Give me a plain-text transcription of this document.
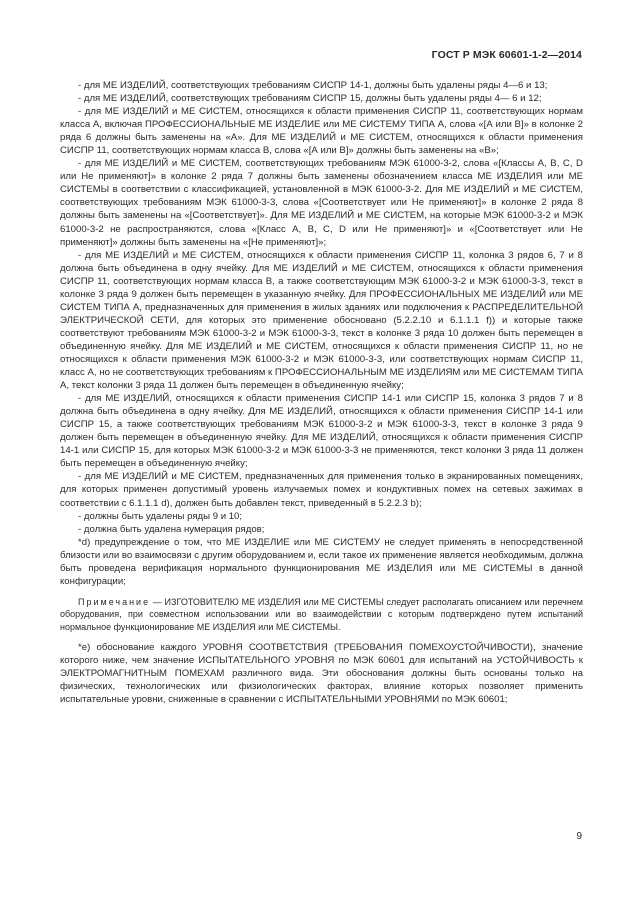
ГОСТ Р МЭК 60601-1-2—2014

- для МЕ ИЗДЕЛИЙ, соответствующих требованиям СИСПР 14-1, должны быть удалены ряды 4—6 и 13;

- для МЕ ИЗДЕЛИЙ, соответствующих требованиям СИСПР 15, должны быть удалены ряды 4— 6 и 12;

- для МЕ ИЗДЕЛИЙ и МЕ СИСТЕМ, относящихся к области применения СИСПР 11, соответствующих нормам класса А, включая ПРОФЕССИОНАЛЬНЫЕ МЕ ИЗДЕЛИЕ или МЕ СИСТЕМУ ТИПА А, слова «[А или В]» в колонке 2 ряда 6 должны быть заменены на «А». Для МЕ ИЗДЕЛИЙ и МЕ СИСТЕМ, относящихся к области применения СИСПР 11, соответствующих нормам класса В, слова «[А или В]» должны быть заменены на «В»;

- для МЕ ИЗДЕЛИЙ и МЕ СИСТЕМ, соответствующих требованиям МЭК 61000-3-2, слова «[Классы А, В, С, D или Не применяют]» в колонке 2 ряда 7 должны быть заменены обозначением класса МЕ ИЗДЕЛИЯ или МЕ СИСТЕМЫ в соответствии с классификацией, установленной в МЭК 61000-3-2. Для МЕ ИЗДЕЛИЙ и МЕ СИСТЕМ, соответствующих требованиям МЭК 61000-3-3, слова «[Соответствует или Не применяют]» в колонке 2 ряда 8 должны быть заменены на «[Соответствует]». Для МЕ ИЗДЕЛИЙ и МЕ СИСТЕМ, на которые МЭК 61000-3-2 и МЭК 61000-3-2 не распространяются, слова «[Класс А, В, С, D или Не применяют]» и «[Соответствует или Не применяют]» должны быть заменены на «[Не применяют]»;

- для МЕ ИЗДЕЛИЙ и МЕ СИСТЕМ, относящихся к области применения СИСПР 11, колонка 3 рядов 6, 7 и 8 должна быть объединена в одну ячейку. Для МЕ ИЗДЕЛИЙ и МЕ СИСТЕМ, относящихся к области применения СИСПР 11, соответствующих нормам класса В, а также соответствующим МЭК 61000-3-2 и МЭК 61000-3-3, текст в колонке 3 ряда 9 должен быть перемещен в указанную ячейку. Для ПРОФЕССИОНАЛЬНЫХ МЕ ИЗДЕЛИЙ или МЕ СИСТЕМ ТИПА А, предназначенных для применения в жилых зданиях или подключения к РАСПРЕДЕЛИТЕЛЬНОЙ ЭЛЕКТРИЧЕСКОЙ СЕТИ, для которых это применение обосновано (5.2.2.10 и 6.1.1.1 f)) и которые также соответствуют требованиям МЭК 61000-3-2 и МЭК 61000-3-3, текст в колонке 3 ряда 10 должен быть перемещен в объединенную ячейку. Для МЕ ИЗДЕЛИЙ и МЕ СИСТЕМ, относящихся к области применения СИСПР 11, но не относящихся к области применения МЭК 61000-3-2 и МЭК 61000-3-3, или соответствующих нормам СИСПР 11, класс А, но не соответствующих требованиям к ПРОФЕССИОНАЛЬНЫМ МЕ ИЗДЕЛИЯМ или МЕ СИСТЕМАМ ТИПА А, текст колонки 3 ряда 11 должен быть перемещен в объединенную ячейку;

- для МЕ ИЗДЕЛИЙ, относящихся к области применения СИСПР 14-1 или СИСПР 15, колонка 3 рядов 7 и 8 должна быть объединена в одну ячейку. Для МЕ ИЗДЕЛИЙ, относящихся к области применения СИСПР 14-1 или СИСПР 15, а также соответствующих требованиям МЭК 61000-3-2 и МЭК 61000-3-3, текст в колонке 3 ряда 9 должен быть перемещен в объединенную ячейку. Для МЕ ИЗДЕЛИЙ, относящихся к области применения СИСПР 14-1 или СИСПР 15, для которых МЭК 61000-3-2 и МЭК 61000-3-3 не применяются, текст колонки 3 ряда 11 должен быть перемещен в объединенную ячейку;

- для МЕ ИЗДЕЛИЙ и МЕ СИСТЕМ, предназначенных для применения только в экранированных помещениях, для которых применен допустимый уровень излучаемых помех и кондуктивных помех на сетевых зажимах в соответствии с 6.1.1.1 d), должен быть добавлен текст, приведенный в 5.2.2.3 b);

- должны быть удалены ряды 9 и 10;

- должна быть удалена нумерация рядов;

*d) предупреждение о том, что МЕ ИЗДЕЛИЕ или МЕ СИСТЕМУ не следует применять в непосредственной близости или во взаимосвязи с другим оборудованием и, если такое их применение является необходимым, должна быть проведена верификация нормального функционирования МЕ ИЗДЕЛИЯ или МЕ СИСТЕМЫ в данной конфигурации;

Примечание — ИЗГОТОВИТЕЛЮ МЕ ИЗДЕЛИЯ или МЕ СИСТЕМЫ следует располагать описанием или перечнем оборудования, при совместном использовании или во взаимодействии с которым подтверждено путем испытаний нормальное функционирование МЕ ИЗДЕЛИЯ или МЕ СИСТЕМЫ.

*е) обоснование каждого УРОВНЯ СООТВЕТСТВИЯ (ТРЕБОВАНИЯ ПОМЕХОУСТОЙЧИВОСТИ), значение которого ниже, чем значение ИСПЫТАТЕЛЬНОГО УРОВНЯ по МЭК 60601 для испытаний на УСТОЙЧИВОСТЬ к ЭЛЕКТРОМАГНИТНЫМ ПОМЕХАМ различного вида. Эти обоснования должны быть основаны только на физических, технологических или физиологических факторах, влияние которых позволяет применить испытательные уровни, сниженные в сравнении с ИСПЫТАТЕЛЬНЫМИ УРОВНЯМИ по МЭК 60601;

9
